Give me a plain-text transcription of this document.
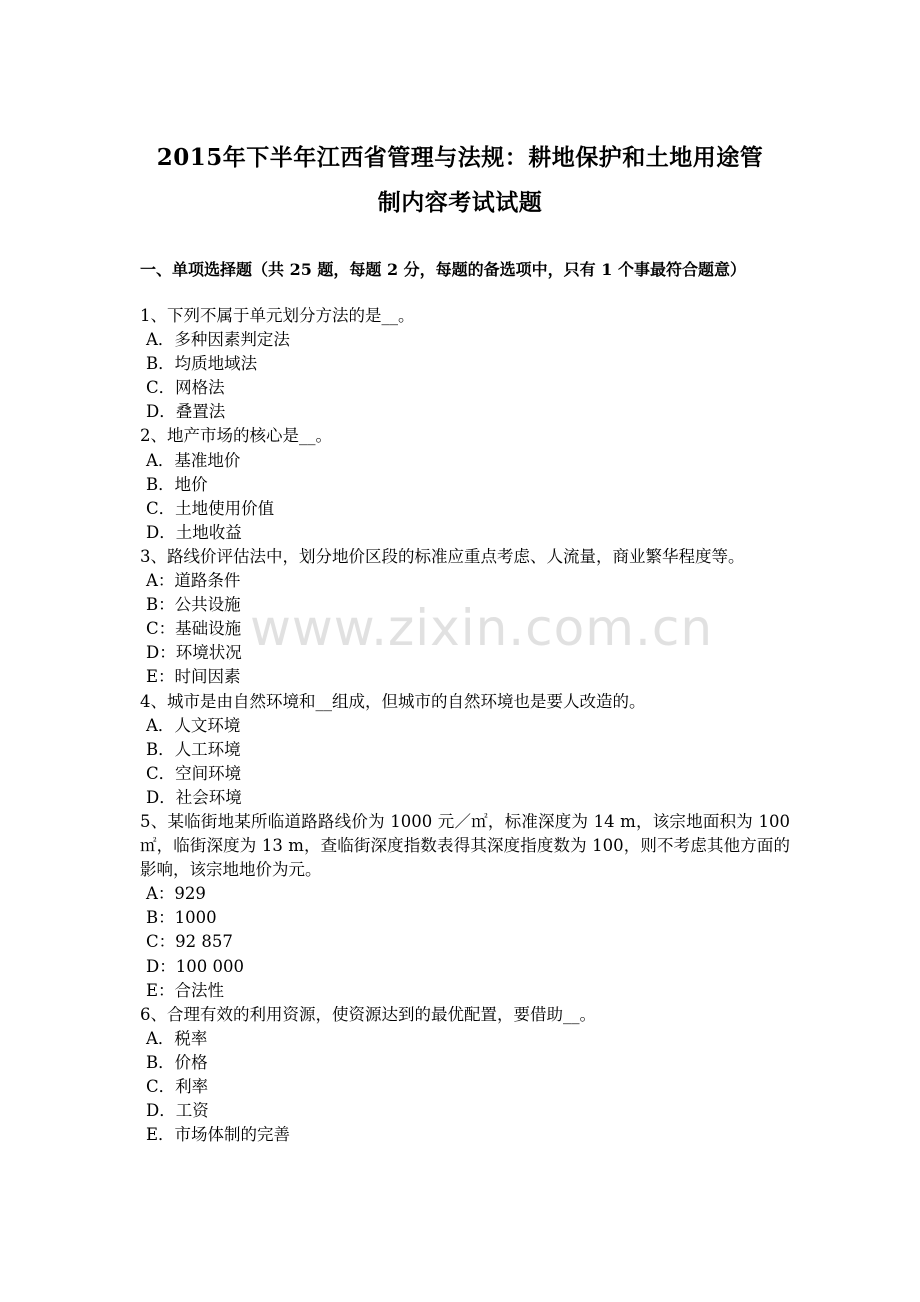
2015年下半年江西省管理与法规：耕地保护和土地用途管
制内容考试试题
一、单项选择题（共 25 题，每题 2 分，每题的备选项中，只有 1 个事最符合题意）
1、下列不属于单元划分方法的是__。
A．多种因素判定法
B．均质地域法
C．网格法
D．叠置法
2、地产市场的核心是__。
A．基准地价
B．地价
C．土地使用价值
D．土地收益
3、路线价评估法中，划分地价区段的标准应重点考虑、人流量，商业繁华程度等。
A：道路条件
B：公共设施
C：基础设施
D：环境状况
E：时间因素
4、城市是由自然环境和__组成，但城市的自然环境也是要人改造的。
A．人文环境
B．人工环境
C．空间环境
D．社会环境
5、某临街地某所临道路路线价为 1000 元／㎡，标准深度为 14 m，该宗地面积为 100 ㎡，临街深度为 13 m，查临街深度指数表得其深度指度数为 100，则不考虑其他方面的影响，该宗地地价为元。
A：929
B：1000
C：92 857
D：100 000
E：合法性
6、合理有效的利用资源，使资源达到的最优配置，要借助__。
A．税率
B．价格
C．利率
D．工资
E．市场体制的完善
www.zixin.com.cn
